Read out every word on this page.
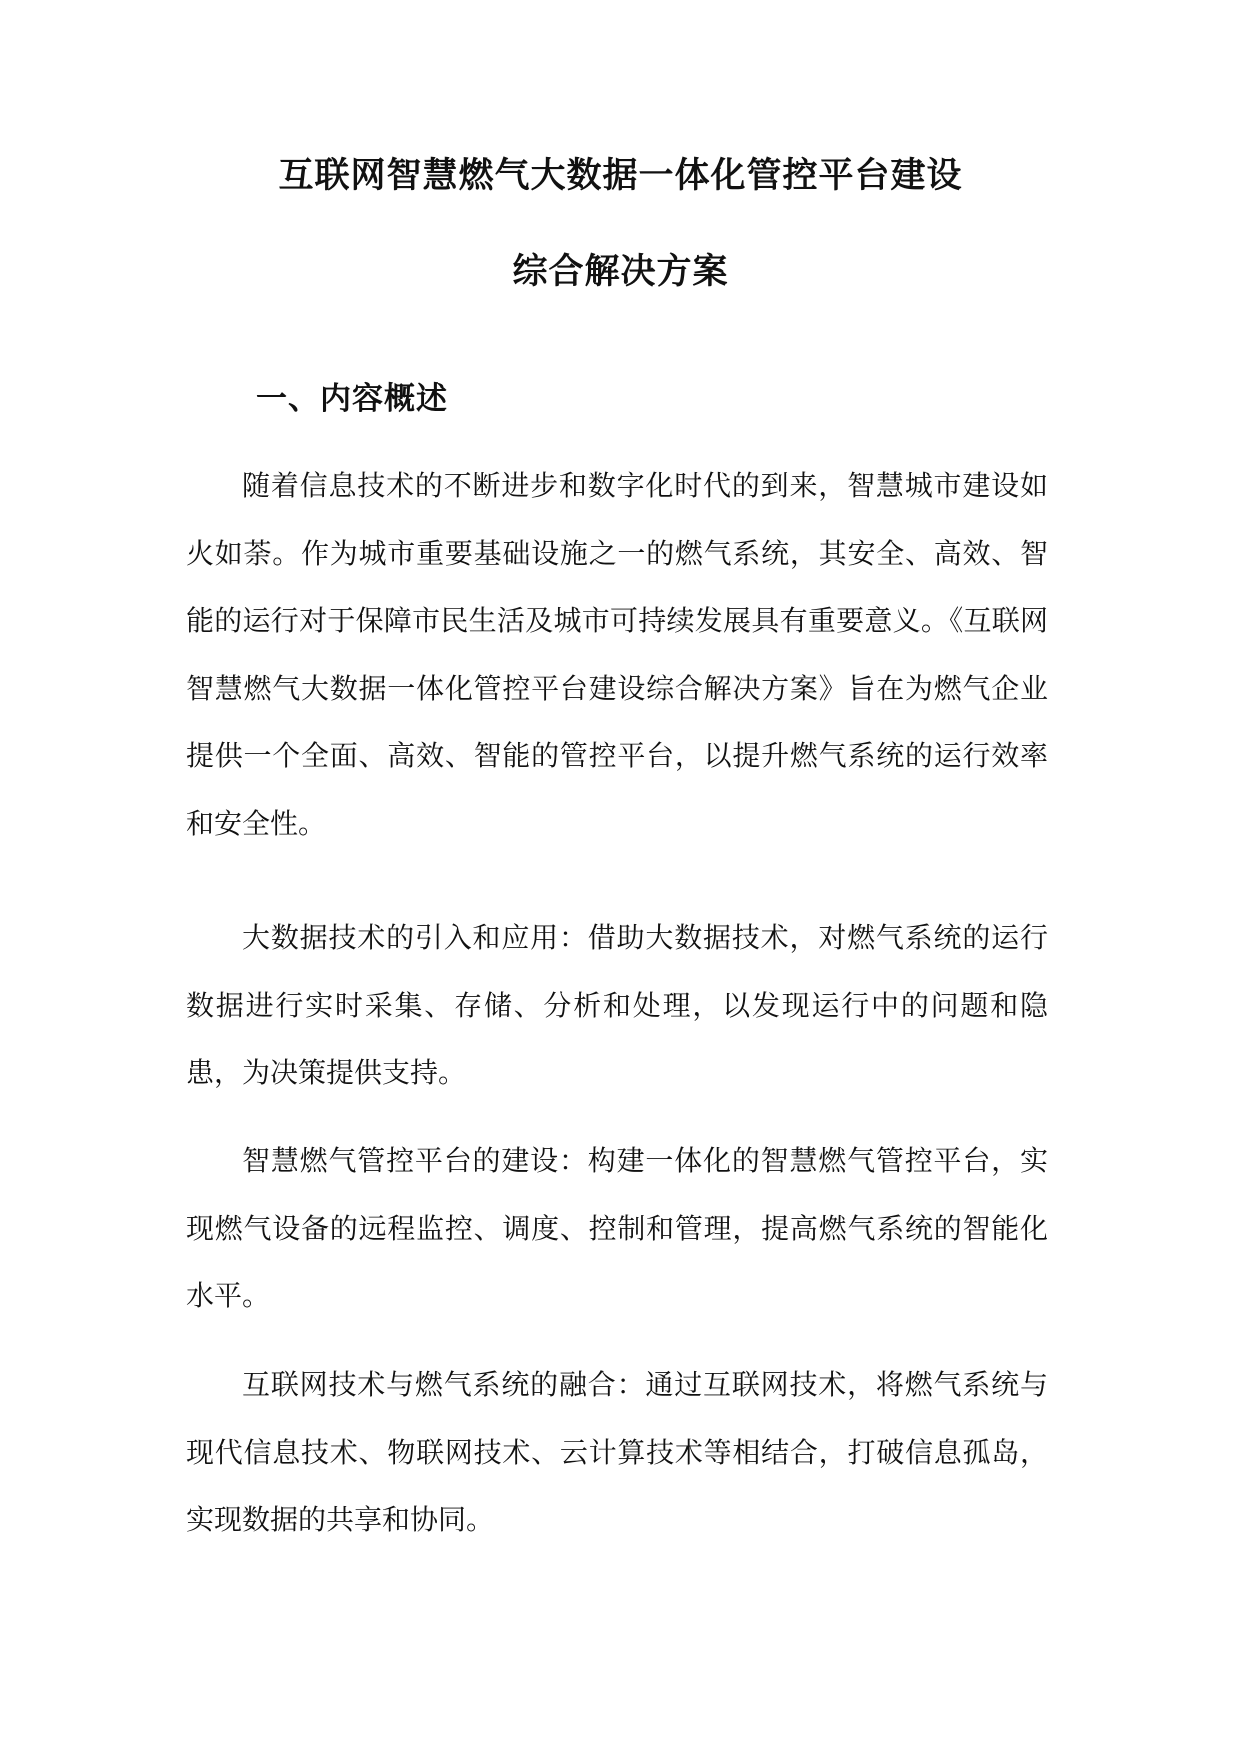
互联网智慧燃气大数据一体化管控平台建设
综合解决方案
一、内容概述

随着信息技术的不断进步和数字化时代的到来，智慧城市建设如火如荼。作为城市重要基础设施之一的燃气系统，其安全、高效、智能的运行对于保障市民生活及城市可持续发展具有重要意义。《互联网智慧燃气大数据一体化管控平台建设综合解决方案》旨在为燃气企业提供一个全面、高效、智能的管控平台，以提升燃气系统的运行效率和安全性。

大数据技术的引入和应用：借助大数据技术，对燃气系统的运行数据进行实时采集、存储、分析和处理，以发现运行中的问题和隐患，为决策提供支持。

智慧燃气管控平台的建设：构建一体化的智慧燃气管控平台，实现燃气设备的远程监控、调度、控制和管理，提高燃气系统的智能化水平。

互联网技术与燃气系统的融合：通过互联网技术，将燃气系统与现代信息技术、物联网技术、云计算技术等相结合，打破信息孤岛，实现数据的共享和协同。
